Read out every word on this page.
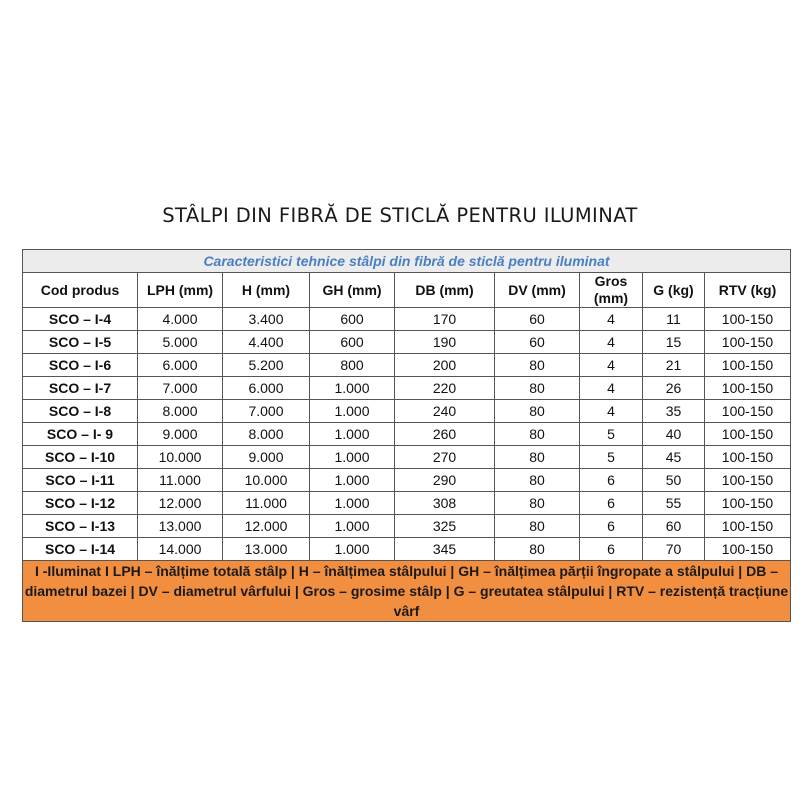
STÂLPI DIN FIBRĂ DE STICLĂ PENTRU ILUMINAT
Caracteristici tehnice stâlpi din fibră de sticlă pentru iluminat								
Cod produs	LPH (mm)	H (mm)	GH (mm)	DB (mm)	DV (mm)	Gros (mm)	G (kg)	RTV (kg)
SCO – I-4	4.000	3.400	600	170	60	4	11	100-150
SCO – I-5	5.000	4.400	600	190	60	4	15	100-150
SCO – I-6	6.000	5.200	800	200	80	4	21	100-150
SCO – I-7	7.000	6.000	1.000	220	80	4	26	100-150
SCO – I-8	8.000	7.000	1.000	240	80	4	35	100-150
SCO – I- 9	9.000	8.000	1.000	260	80	5	40	100-150
SCO – I-10	10.000	9.000	1.000	270	80	5	45	100-150
SCO – I-11	11.000	10.000	1.000	290	80	6	50	100-150
SCO – I-12	12.000	11.000	1.000	308	80	6	55	100-150
SCO – I-13	13.000	12.000	1.000	325	80	6	60	100-150
SCO – I-14	14.000	13.000	1.000	345	80	6	70	100-150
I -Iluminat I LPH – înălțime totală stâlp | H – înălțimea stâlpului | GH – înălțimea părții îngropate a stâlpului | DB – diametrul bazei | DV – diametrul vârfului | Gros – grosime stâlp | G – greutatea stâlpului | RTV – rezistență tracțiune vârf								
